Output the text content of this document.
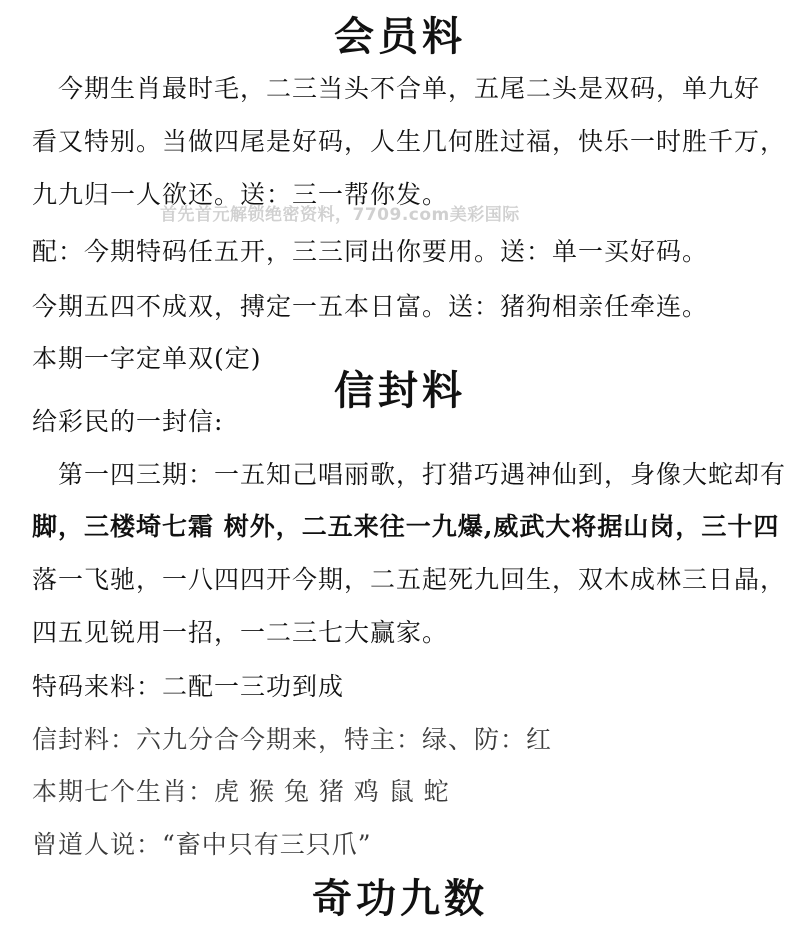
会员料
今期生肖最时毛，二三当头不合单，五尾二头是双码，单九好
看又特别。当做四尾是好码，人生几何胜过福，快乐一时胜千万，
九九归一人欲还。送：三一帮你发。
配：今期特码任五开，三三同出你要用。送：单一买好码。
今期五四不成双，搏定一五本日富。送：猪狗相亲任牵连。
本期一字定单双(定)
信封料
给彩民的一封信:
第一四三期：一五知己唱丽歌，打猎巧遇神仙到，身像大蛇却有
脚，三楼埼七霜 树外，二五来往一九爆,威武大将据山岗，三十四
落一飞驰，一八四四开今期，二五起死九回生，双木成林三日晶，
四五见锐用一招，一二三七大赢家。
特码来料：二配一三功到成
信封料：六九分合今期来，特主：绿、防：红
本期七个生肖：虎 猴 兔 猪 鸡 鼠 蛇
曾道人说：“畜中只有三只爪”
奇功九数
首先首元解锁绝密资料，7709.com美彩国际
